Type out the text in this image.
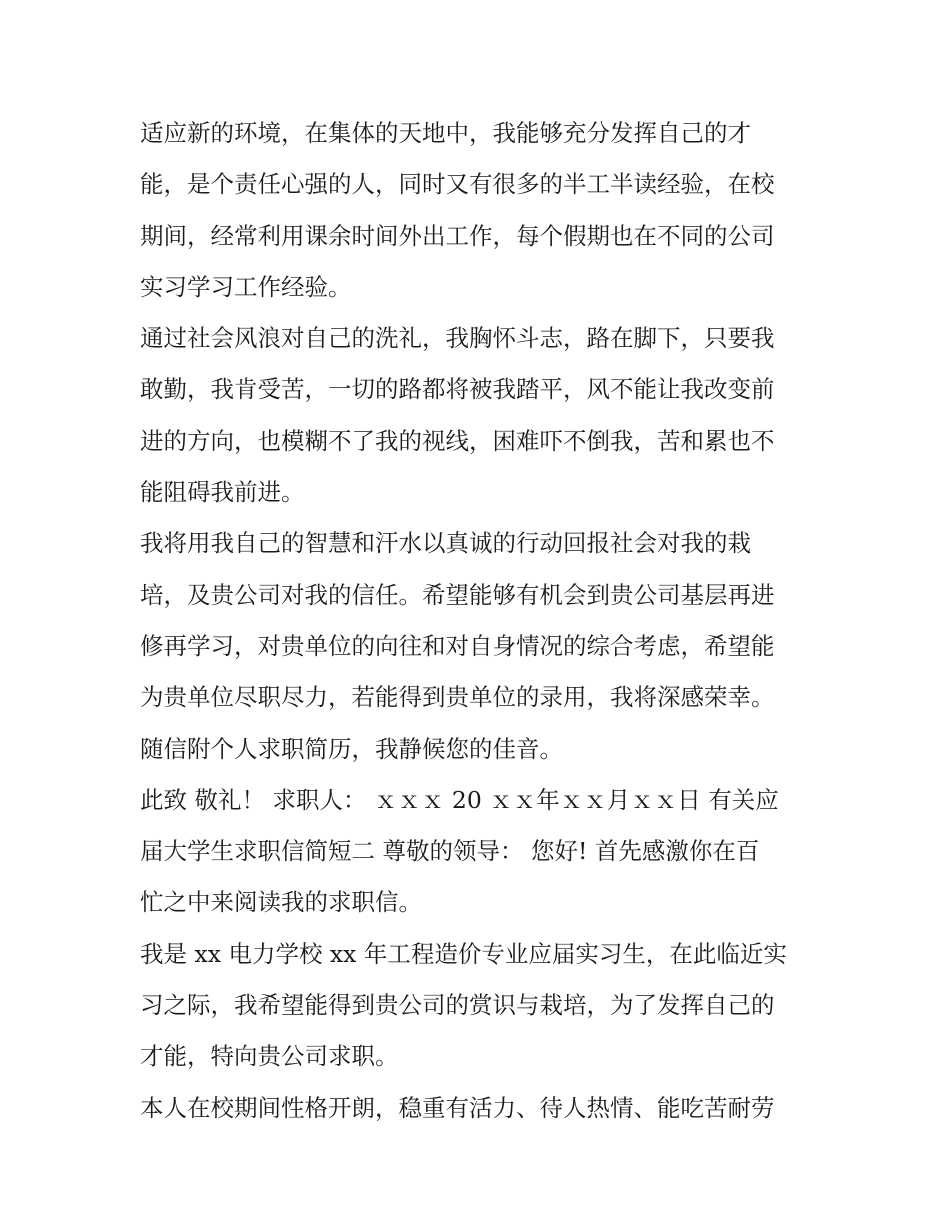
适应新的环境，在集体的天地中，我能够充分发挥自己的才
能，是个责任心强的人，同时又有很多的半工半读经验，在校
期间，经常利用课余时间外出工作，每个假期也在不同的公司
实习学习工作经验。
通过社会风浪对自己的洗礼，我胸怀斗志，路在脚下，只要我
敢勤，我肯受苦，一切的路都将被我踏平，风不能让我改变前
进的方向，也模糊不了我的视线，困难吓不倒我，苦和累也不
能阻碍我前进。
我将用我自己的智慧和汗水以真诚的行动回报社会对我的栽
培，及贵公司对我的信任。希望能够有机会到贵公司基层再进
修再学习，对贵单位的向往和对自身情况的综合考虑，希望能
为贵单位尽职尽力，若能得到贵单位的录用，我将深感荣幸。
随信附个人求职简历，我静候您的佳音。
此致 敬礼！ 求职人： ｘｘｘ 20 ｘｘ年ｘｘ月ｘｘ日 有关应
届大学生求职信简短二 尊敬的领导： 您好! 首先感激你在百
忙之中来阅读我的求职信。
我是 xx 电力学校 xx 年工程造价专业应届实习生，在此临近实
习之际，我希望能得到贵公司的赏识与栽培，为了发挥自己的
才能，特向贵公司求职。
本人在校期间性格开朗，稳重有活力、待人热情、能吃苦耐劳
